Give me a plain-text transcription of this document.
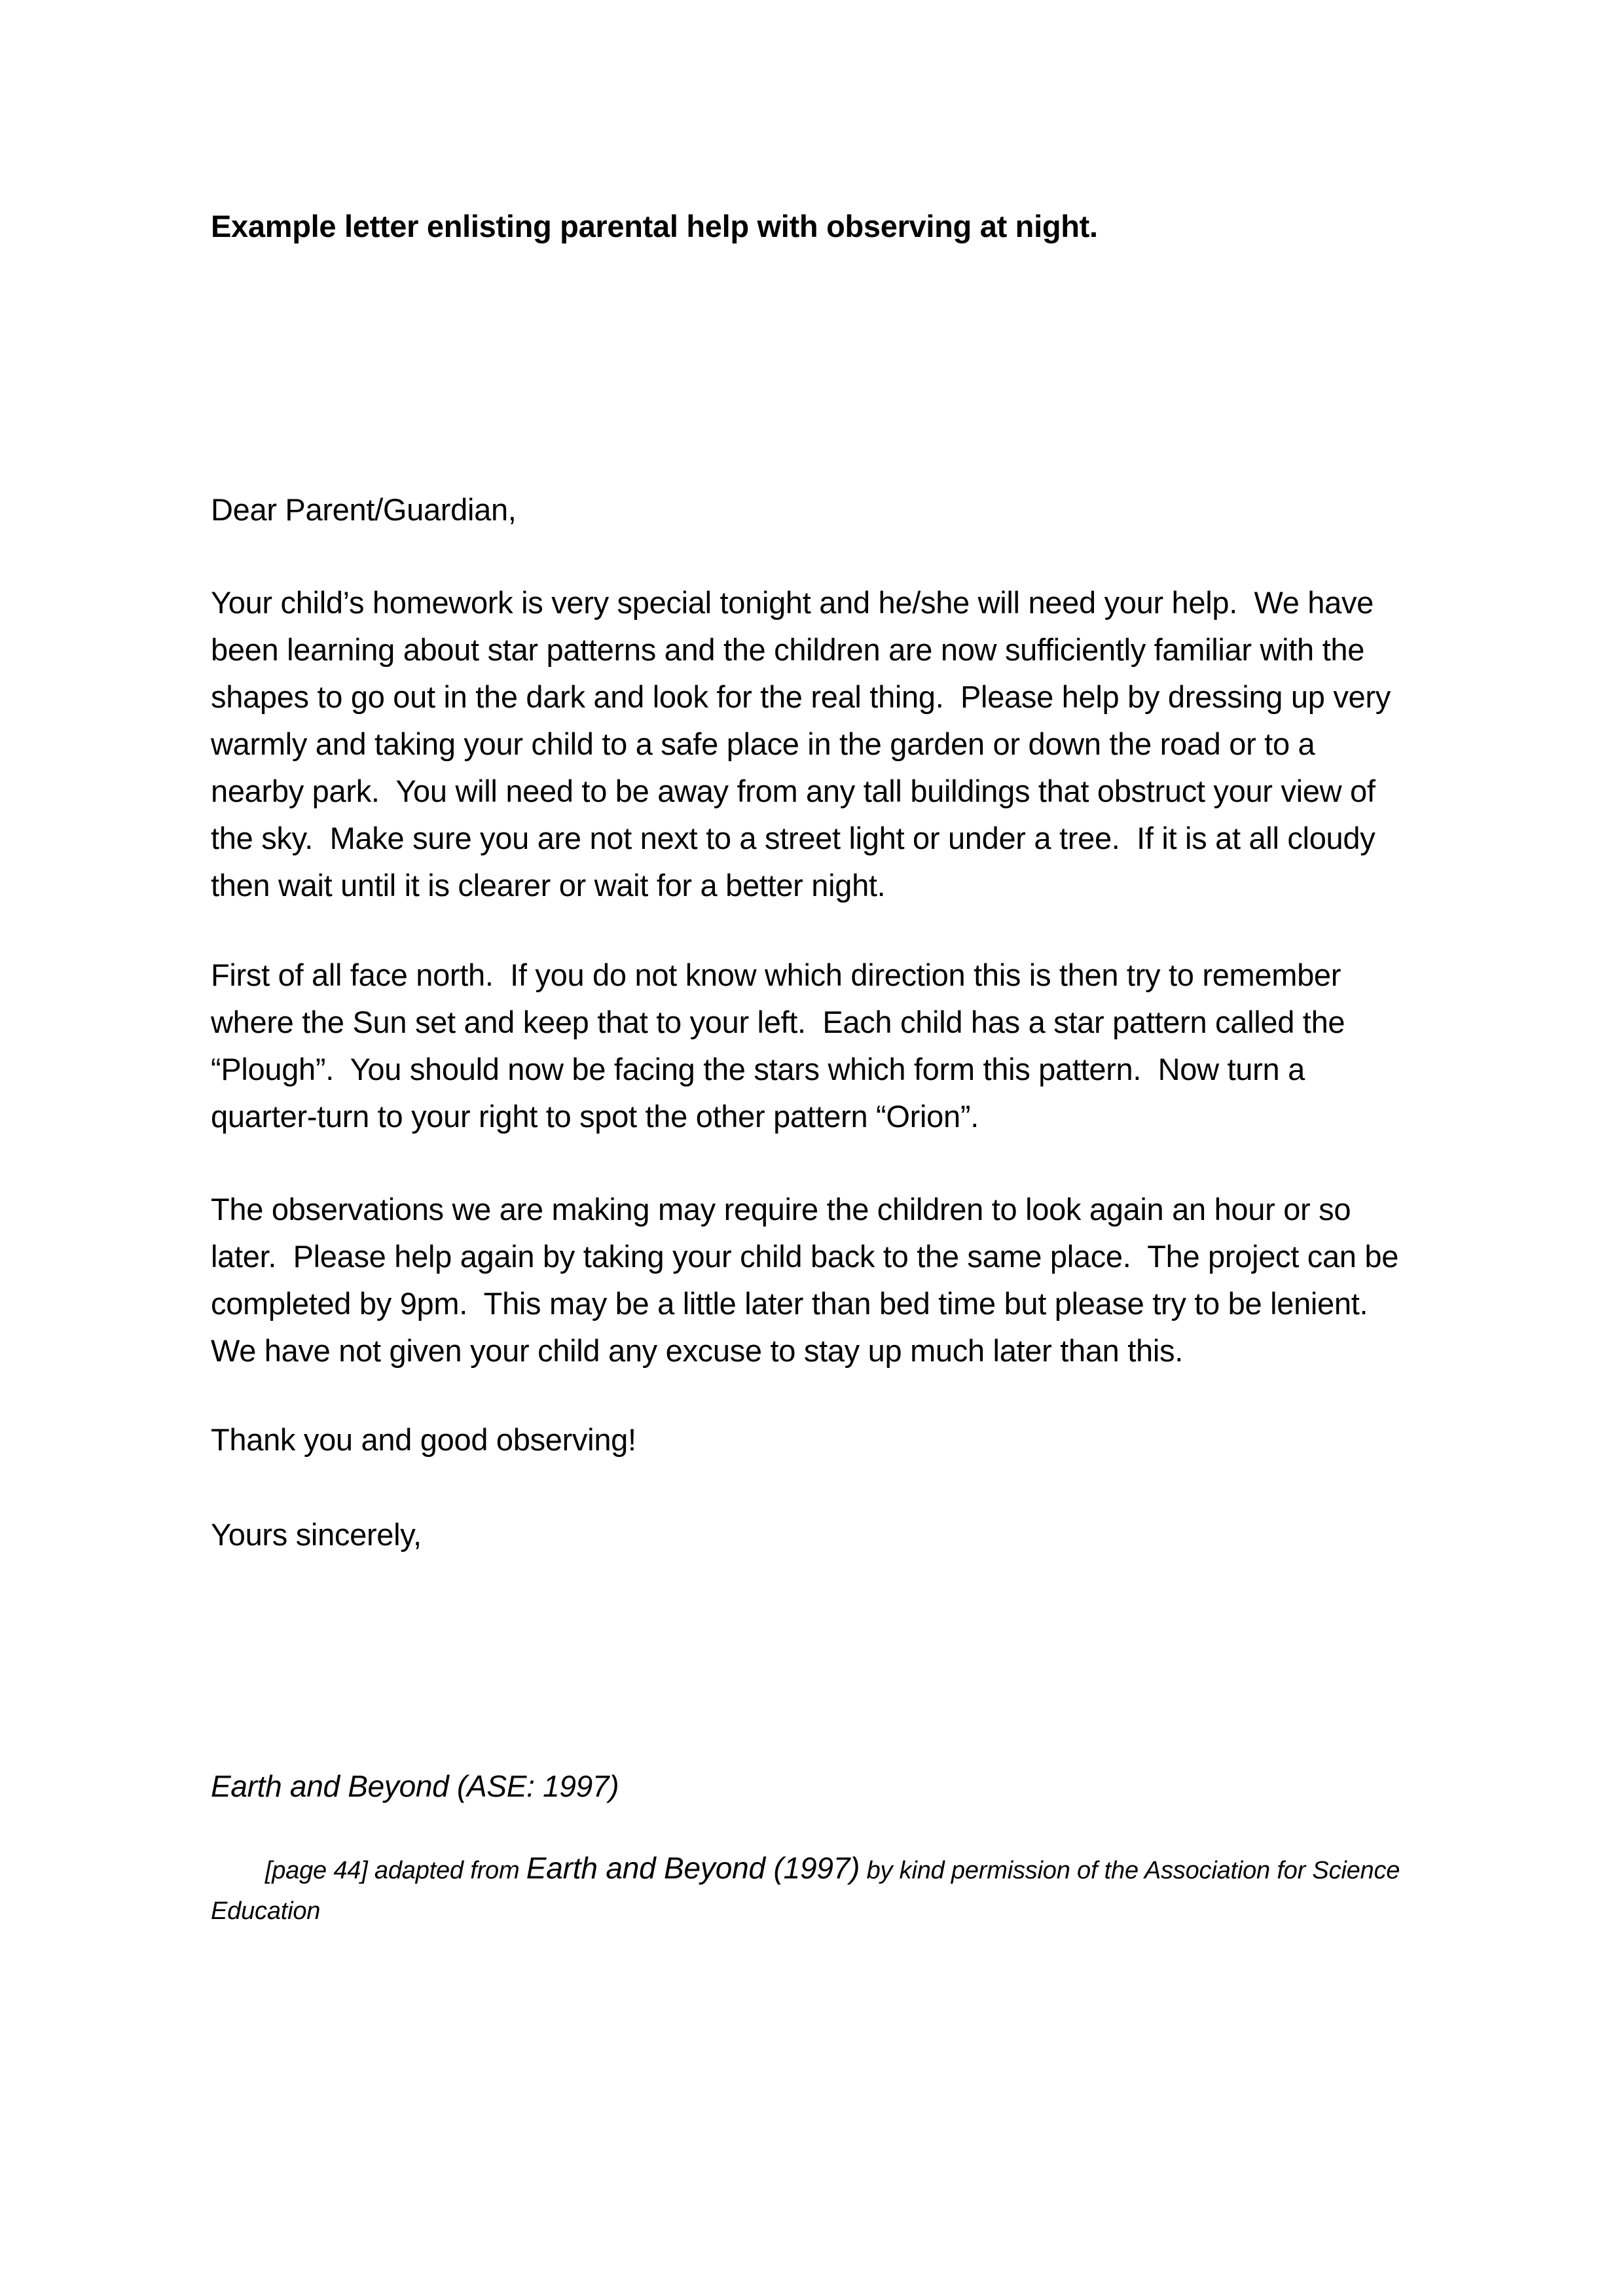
Example letter enlisting parental help with observing at night.

Dear Parent/Guardian,

Your child’s homework is very special tonight and he/she will need your help.  We have been learning about star patterns and the children are now sufficiently familiar with the shapes to go out in the dark and look for the real thing.  Please help by dressing up very warmly and taking your child to a safe place in the garden or down the road or to a nearby park.  You will need to be away from any tall buildings that obstruct your view of the sky.  Make sure you are not next to a street light or under a tree.  If it is at all cloudy then wait until it is clearer or wait for a better night.

First of all face north.  If you do not know which direction this is then try to remember where the Sun set and keep that to your left.  Each child has a star pattern called the “Plough”.  You should now be facing the stars which form this pattern.  Now turn a quarter-turn to your right to spot the other pattern “Orion”.

The observations we are making may require the children to look again an hour or so later.  Please help again by taking your child back to the same place.  The project can be completed by 9pm.  This may be a little later than bed time but please try to be lenient.  We have not given your child any excuse to stay up much later than this.

Thank you and good observing!

Yours sincerely,

Earth and Beyond (ASE: 1997)

[page 44] adapted from Earth and Beyond (1997) by kind permission of the Association for Science Education
